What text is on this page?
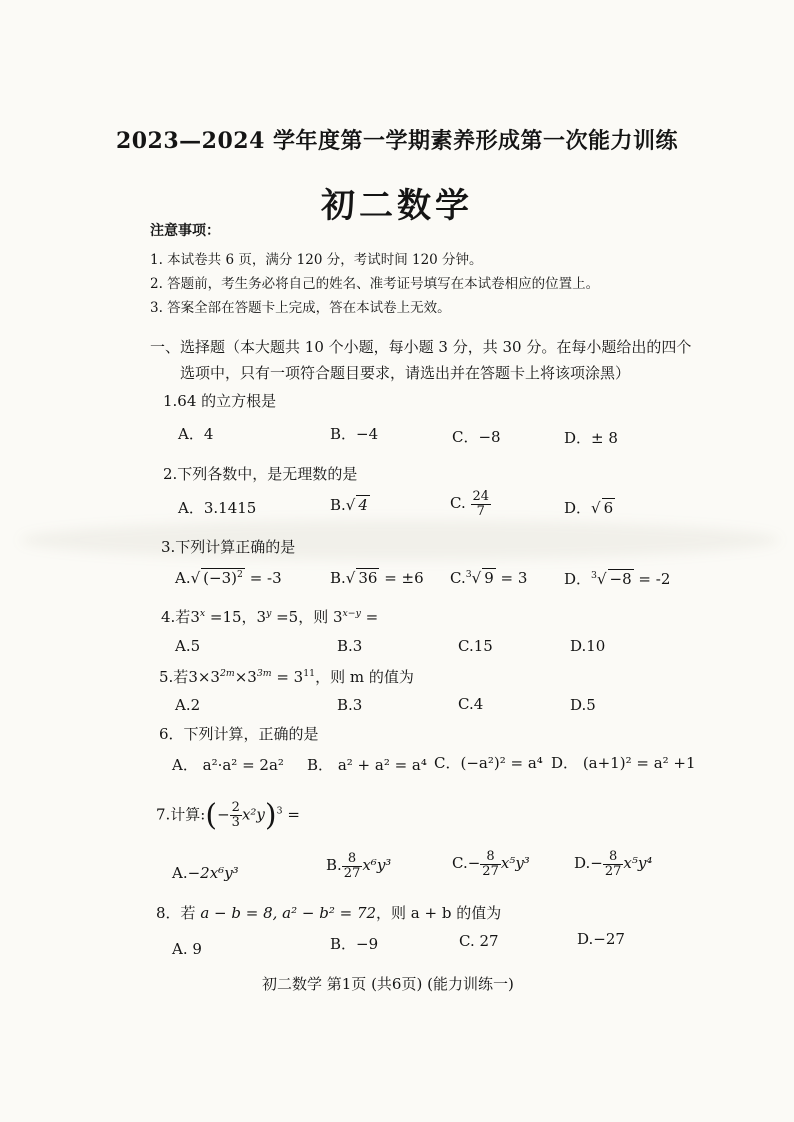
2023—2024 学年度第一学期素养形成第一次能力训练
初二数学
注意事项：
1. 本试卷共 6 页，满分 120 分，考试时间 120 分钟。
2. 答题前，考生务必将自己的姓名、准考证号填写在本试卷相应的位置上。
3. 答案全部在答题卡上完成，答在本试卷上无效。
一、选择题（本大题共 10 个小题，每小题 3 分，共 30 分。在每小题给出的四个
选项中，只有一项符合题目要求，请选出并在答题卡上将该项涂黑）
1.64 的立方根是
A．4	B．−4	C．−8	D．± 8
2.下列各数中，是无理数的是
A．3.1415	B.√ 4	C. $\frac{24}{7}$	D．√ 6
3.下列计算正确的是
A.√ $(-3)^2 = -3$	B.√ 36 = ±6 C.$^3$√ 9 = 3 D．$^3$√ −8 = -2
4.若$3^x =15$，$3^y =5$，则 $3^{x-y}$ =
A.5	B.3	C.15	D.10
5.若$3\times 3^{2m}\times 3^{3m} = 3^{11}$，则 m 的值为
A.2	B.3	C.4	D.5
6．下列计算，正确的是
A． a²·a² = 2a² B． a² + a² = a⁴ C．(−a²)² = a⁴ D． (a+1)² = a² +1
7.计算:(− $\frac{2}{3} x^2y)^3$ =
A.−2x⁶y³	B. $\frac{8}{27} x^6y^3$	$C.- \frac{8}{27} x^5y^3$	$D.- \frac{8}{27} x^5y^4$
8．若 a − b = 8, a² − b² = 72，则 a + b 的值为
A. 9	B．−9	C. 27	D.−27
初二数学 第1页 (共6页) (能力训练一)
